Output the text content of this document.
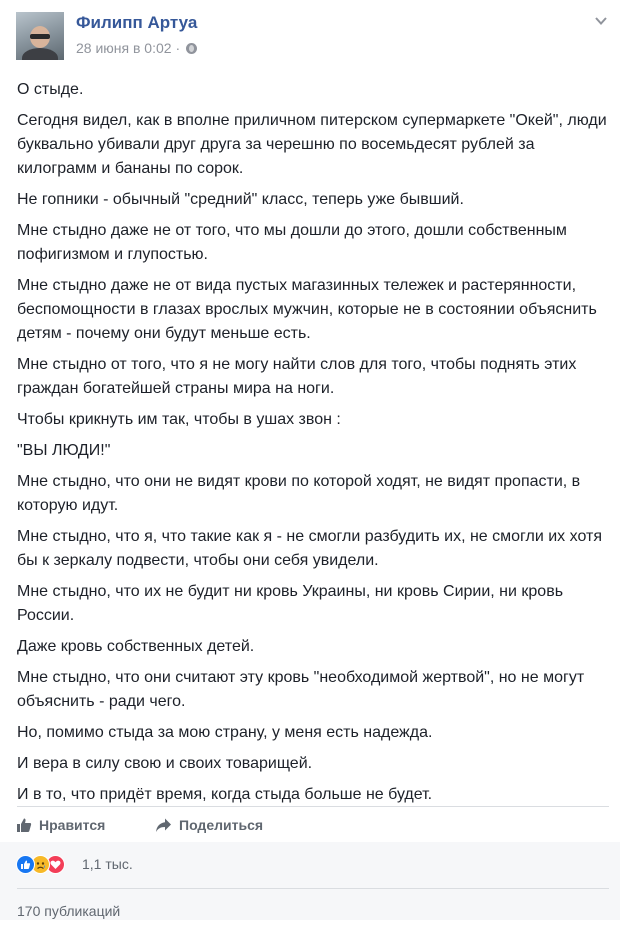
Филипп Артуа
28 июня в 0:02 ·

О стыде.

Сегодня видел, как в вполне приличном питерском супермаркете "Окей", люди буквально убивали друг друга за черешню по восемьдесят рублей за килограмм и бананы по сорок.

Не гопники - обычный "средний" класс, теперь уже бывший.

Мне стыдно даже не от того, что мы дошли до этого, дошли собственным пофигизмом и глупостью.

Мне стыдно даже не от вида пустых магазинных тележек и растерянности, беспомощности в глазах вроcлых мужчин, которые не в состоянии объяснить детям - почему они будут меньше есть.

Мне стыдно от того, что я не могу найти слов для того, чтобы поднять этих граждан богатейшей страны мира на ноги.

Чтобы крикнуть им так, чтобы в ушах звон :

"ВЫ ЛЮДИ!"

Мне стыдно, что они не видят крови по которой ходят, не видят пропасти, в которую идут.

Мне стыдно, что я, что такие как я - не смогли разбудить их, не смогли их хотя бы к зеркалу подвести, чтобы они себя увидели.

Мне стыдно, что их не будит ни кровь Украины, ни кровь Сирии, ни кровь России.

Даже кровь собственных детей.

Мне стыдно, что они считают эту кровь "необходимой жертвой", но не могут объяснить - ради чего.

Но, помимо стыда за мою страну, у меня есть надежда.

И вера в силу свою и своих товарищей.

И в то, что придёт время, когда стыда больше не будет.

Нравится	Поделиться
1,1 тыс.
170 публикаций
